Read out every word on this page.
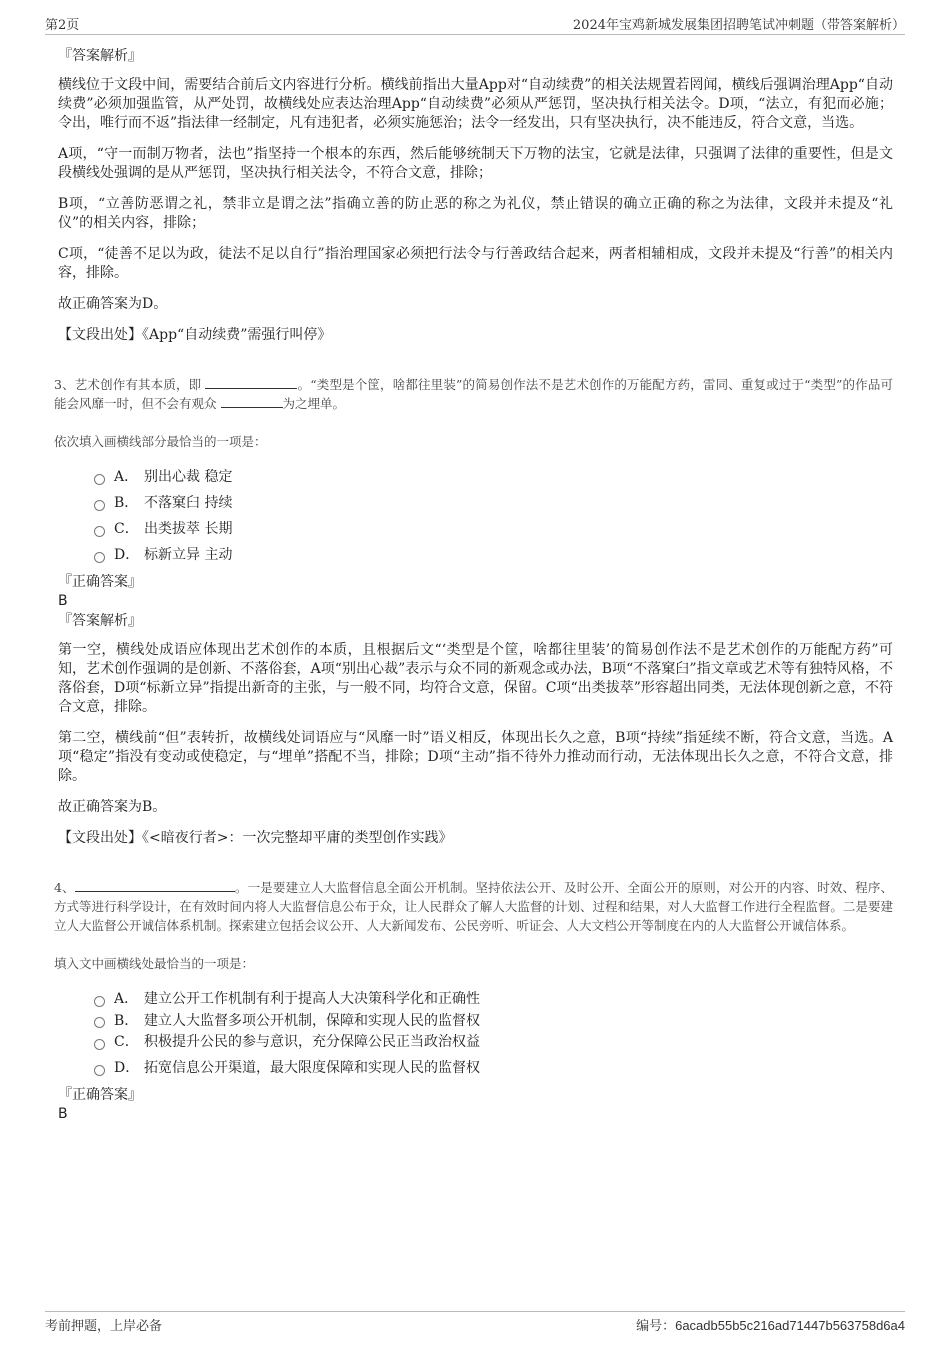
第2页	2024年宝鸡新城发展集团招聘笔试冲刺题（带答案解析）

『答案解析』

横线位于文段中间，需要结合前后文内容进行分析。横线前指出大量App对“自动续费”的相关法规置若罔闻，横线后强调治理App“自动续费”必须加强监管，从严处罚，故横线处应表达治理App“自动续费”必须从严惩罚，坚决执行相关法令。D项，“法立，有犯而必施；令出，唯行而不返”指法律一经制定，凡有违犯者，必须实施惩治；法令一经发出，只有坚决执行，决不能违反，符合文意，当选。

A项，“守一而制万物者，法也”指坚持一个根本的东西，然后能够统制天下万物的法宝，它就是法律，只强调了法律的重要性，但是文段横线处强调的是从严惩罚，坚决执行相关法令，不符合文意，排除；

B项，“立善防恶谓之礼，禁非立是谓之法”指确立善的防止恶的称之为礼仪，禁止错误的确立正确的称之为法律，文段并未提及“礼仪”的相关内容，排除；

C项，“徒善不足以为政，徒法不足以自行”指治理国家必须把行法令与行善政结合起来，两者相辅相成，文段并未提及“行善”的相关内容，排除。

故正确答案为D。

【文段出处】《App“自动续费”需强行叫停》

3、艺术创作有其本质，即	。“类型是个筐，啥都往里装”的简易创作法不是艺术创作的万能配方药，雷同、重复或过于“类型”的作品可能会风靡一时，但不会有观众	为之埋单。

依次填入画横线部分最恰当的一项是：

A． 别出心裁 稳定
B． 不落窠臼 持续
C． 出类拔萃 长期
D． 标新立异 主动

『正确答案』

B

『答案解析』

第一空，横线处成语应体现出艺术创作的本质，且根据后文“‘类型是个筐，啥都往里装’的简易创作法不是艺术创作的万能配方药”可知，艺术创作强调的是创新、不落俗套，A项“别出心裁”表示与众不同的新观念或办法，B项“不落窠臼”指文章或艺术等有独特风格，不落俗套，D项“标新立异”指提出新奇的主张，与一般不同，均符合文意，保留。C项“出类拔萃”形容超出同类，无法体现创新之意，不符合文意，排除。

第二空，横线前“但”表转折，故横线处词语应与“风靡一时”语义相反，体现出长久之意，B项“持续”指延续不断，符合文意，当选。A项“稳定”指没有变动或使稳定，与“埋单”搭配不当，排除；D项“主动”指不待外力推动而行动，无法体现出长久之意，不符合文意，排除。

故正确答案为B。

【文段出处】《<暗夜行者>：一次完整却平庸的类型创作实践》

4、	。一是要建立人大监督信息全面公开机制。坚持依法公开、及时公开、全面公开的原则，对公开的内容、时效、程序、方式等进行科学设计，在有效时间内将人大监督信息公布于众，让人民群众了解人大监督的计划、过程和结果，对人大监督工作进行全程监督。二是要建立人大监督公开诚信体系机制。探索建立包括会议公开、人大新闻发布、公民旁听、听证会、人大文档公开等制度在内的人大监督公开诚信体系。

填入文中画横线处最恰当的一项是：

A． 建立公开工作机制有利于提高人大决策科学化和正确性
B． 建立人大监督多项公开机制，保障和实现人民的监督权
C． 积极提升公民的参与意识，充分保障公民正当政治权益
D． 拓宽信息公开渠道，最大限度保障和实现人民的监督权

『正确答案』

B

考前押题，上岸必备	编号：6acadb55b5c216ad71447b563758d6a4
